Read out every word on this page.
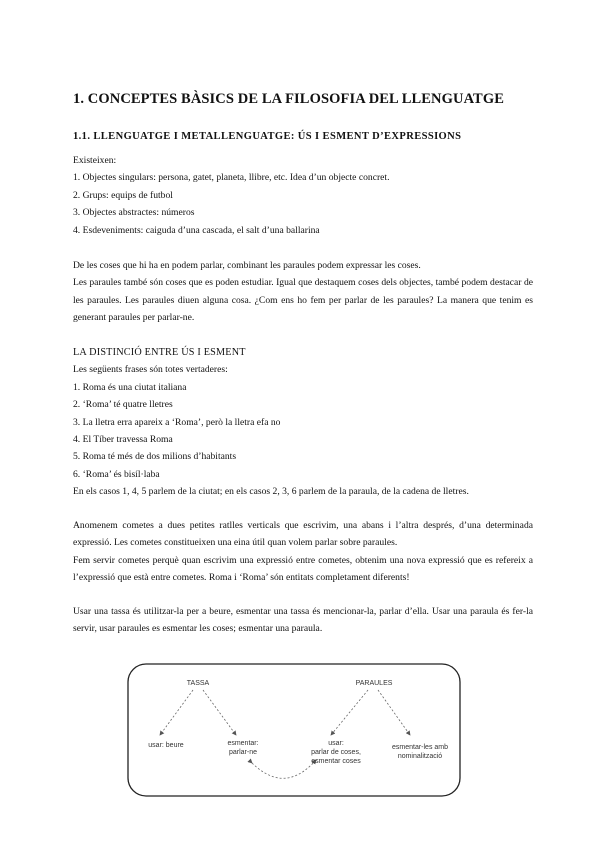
1. CONCEPTES BÀSICS DE LA FILOSOFIA DEL LLENGUATGE
1.1. LLENGUATGE I METALLENGUATGE: ÚS I ESMENT D’EXPRESSIONS

Existeixen:

1. Objectes singulars: persona, gatet, planeta, llibre, etc. Idea d’un objecte concret.

2. Grups: equips de futbol

3. Objectes abstractes: números

4. Esdeveniments: caiguda d’una cascada, el salt d’una ballarina

De les coses que hi ha en podem parlar, combinant les paraules podem expressar les coses.

Les paraules també són coses que es poden estudiar. Igual que destaquem coses dels objectes, també podem destacar de les paraules. Les paraules diuen alguna cosa. ¿Com ens ho fem per parlar de les paraules? La manera que tenim es generant paraules per parlar-ne.

LA DISTINCIÓ ENTRE ÚS I ESMENT

Les següents frases són totes vertaderes:

1. Roma és una ciutat italiana

2. ‘Roma’ té quatre lletres

3. La lletra erra apareix a ‘Roma’, però la lletra efa no

4. El Tíber travessa Roma

5. Roma té més de dos milions d’habitants

6. ‘Roma’ és bisíl·laba

En els casos 1, 4, 5 parlem de la ciutat; en els casos 2, 3, 6 parlem de la paraula, de la cadena de lletres.

Anomenem cometes a dues petites ratlles verticals que escrivim, una abans i l’altra després, d’una determinada expressió. Les cometes constitueixen una eina útil quan volem parlar sobre paraules.

Fem servir cometes perquè quan escrivim una expressió entre cometes, obtenim una nova expressió que es refereix a l’expressió que està entre cometes. Roma i ‘Roma’ són entitats completament diferents!

Usar una tassa és utilitzar-la per a beure, esmentar una tassa és mencionar-la, parlar d’ella. Usar una paraula és fer-la servir, usar paraules es esmentar les coses; esmentar una paraula.

TASSA	PARAULES
usar: beure	esmentar:
parlar-ne
usar:
parlar de coses,
esmentar coses
esmentar-les amb
nominalització
